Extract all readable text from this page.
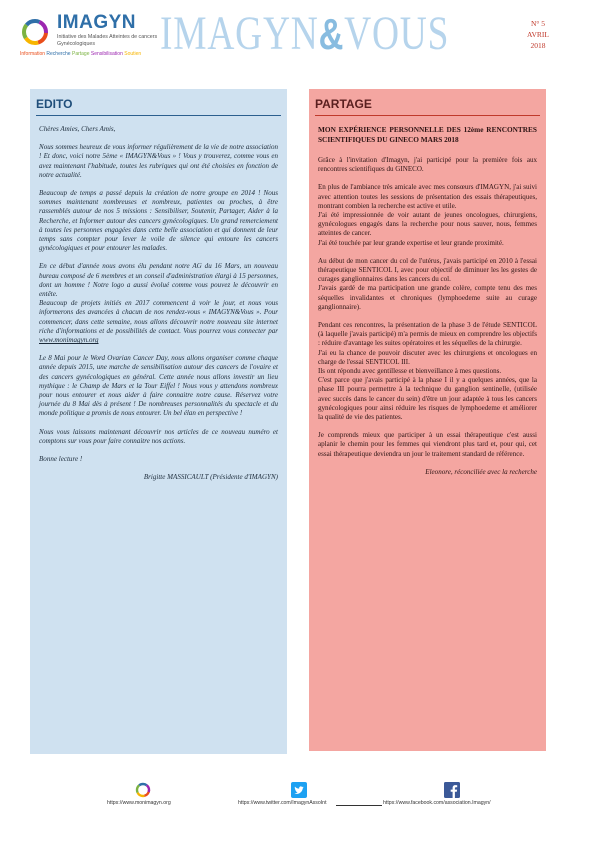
IMAGYN
Initiative des Malades Atteintes de cancers Gynécologiques
Information Recherche Partage Sensibilisation Soutien IMAGYN&VOUS	N° 5
AVRIL
2018
EDITO

Chères Amies, Chers Amis,

Nous sommes heureux de vous informer régulièrement de la vie de notre association ! Et donc, voici notre 5ème « IMAGYN&Vous » ! Vous y trouverez, comme vous en avez maintenant l'habitude, toutes les rubriques qui ont été choisies en fonction de notre actualité.

Beaucoup de temps a passé depuis la création de notre groupe en 2014 ! Nous sommes maintenant nombreuses et nombreux, patientes ou proches, à être rassemblés autour de nos 5 missions : Sensibiliser, Soutenir, Partager, Aider à la Recherche, et Informer autour des cancers gynécologiques. Un grand remerciement à toutes les personnes engagées dans cette belle association et qui donnent de leur temps sans compter pour lever le voile de silence qui entoure les cancers gynécologiques et pour entourer les malades.

En ce début d'année nous avons élu pendant notre AG du 16 Mars, un nouveau bureau composé de 6 membres et un conseil d'administration élargi à 15 personnes, dont un homme ! Notre logo a aussi évolué comme vous pouvez le découvrir en entête.

Beaucoup de projets initiés en 2017 commencent à voir le jour, et nous vous informerons des avancées à chacun de nos rendez-vous « IMAGYN&Vous ». Pour commencer, dans cette semaine, nous allons découvrir notre nouveau site internet riche d'informations et de possibilités de contact. Vous pourrez vous connecter par www.monimagyn.org

Le 8 Mai pour le Word Ovarian Cancer Day, nous allons organiser comme chaque année depuis 2015, une marche de sensibilisation autour des cancers de l'ovaire et des cancers gynécologiques en général. Cette année nous allons investir un lieu mythique : le Champ de Mars et la Tour Eiffel ! Nous vous y attendons nombreux pour nous entourer et nous aider à faire connaitre notre cause. Réservez votre journée du 8 Mai dès à présent ! De nombreuses personnalités du spectacle et du monde politique a promis de nous entourer. Un bel élan en perspective !

Nous vous laissons maintenant découvrir nos articles de ce nouveau numéro et comptons sur vous pour faire connaitre nos actions.

Bonne lecture !

Brigitte MASSICAULT (Présidente d'IMAGYN)

PARTAGE

MON EXPÉRIENCE PERSONNELLE DES 12ème RENCONTRES SCIENTIFIQUES DU GINECO MARS 2018

Grâce à l'invitation d'Imagyn, j'ai participé pour la première fois aux rencontres scientifiques du GINECO.

En plus de l'ambiance très amicale avec mes consœurs d'IMAGYN, j'ai suivi avec attention toutes les sessions de présentation des essais thérapeutiques, montrant combien la recherche est active et utile.

J'ai été impressionnée de voir autant de jeunes oncologues, chirurgiens, gynécologues engagés dans la recherche pour nous sauver, nous, femmes atteintes de cancer.

J'ai été touchée par leur grande expertise et leur grande proximité.

Au début de mon cancer du col de l'utérus, j'avais participé en 2010 à l'essai thérapeutique SENTICOL I, avec pour objectif de diminuer les les gestes de curages ganglionnaires dans les cancers du col.

J'avais gardé de ma participation une grande colère, compte tenu des mes séquelles invalidantes et chroniques (lymphoedeme suite au curage ganglionnaire).

Pendant ces rencontres, la présentation de la phase 3 de l'étude SENTICOL (à laquelle j'avais participé) m'a permis de mieux en comprendre les objectifs : réduire d'avantage les suites opératoires et les séquelles de la chirurgie.

J'ai eu la chance de pouvoir discuter avec les chirurgiens et oncologues en charge de l'essai SENTICOL III.

Ils ont répondu avec gentillesse et bienveillance à mes questions.

C'est parce que j'avais participé à la phase I il y a quelques années, que la phase III pourra permettre à la technique du ganglion sentinelle, (utilisée avec succès dans le cancer du sein) d'être un jour adaptée à tous les cancers gynécologiques pour ainsi réduire les risques de lymphoedeme et améliorer la qualité de vie des patientes.

Je comprends mieux que participer à un essai thérapeutique c'est aussi aplanir le chemin pour les femmes qui viendront plus tard et, pour qui, cet essai thérapeutique deviendra un jour le traitement standard de référence.

Eleonore, réconciliée avec la recherche

https://www.monimagyn.org	https://www.twitter.com/ImagynAssoInt	https://www.facebook.com/association.Imagyn/
